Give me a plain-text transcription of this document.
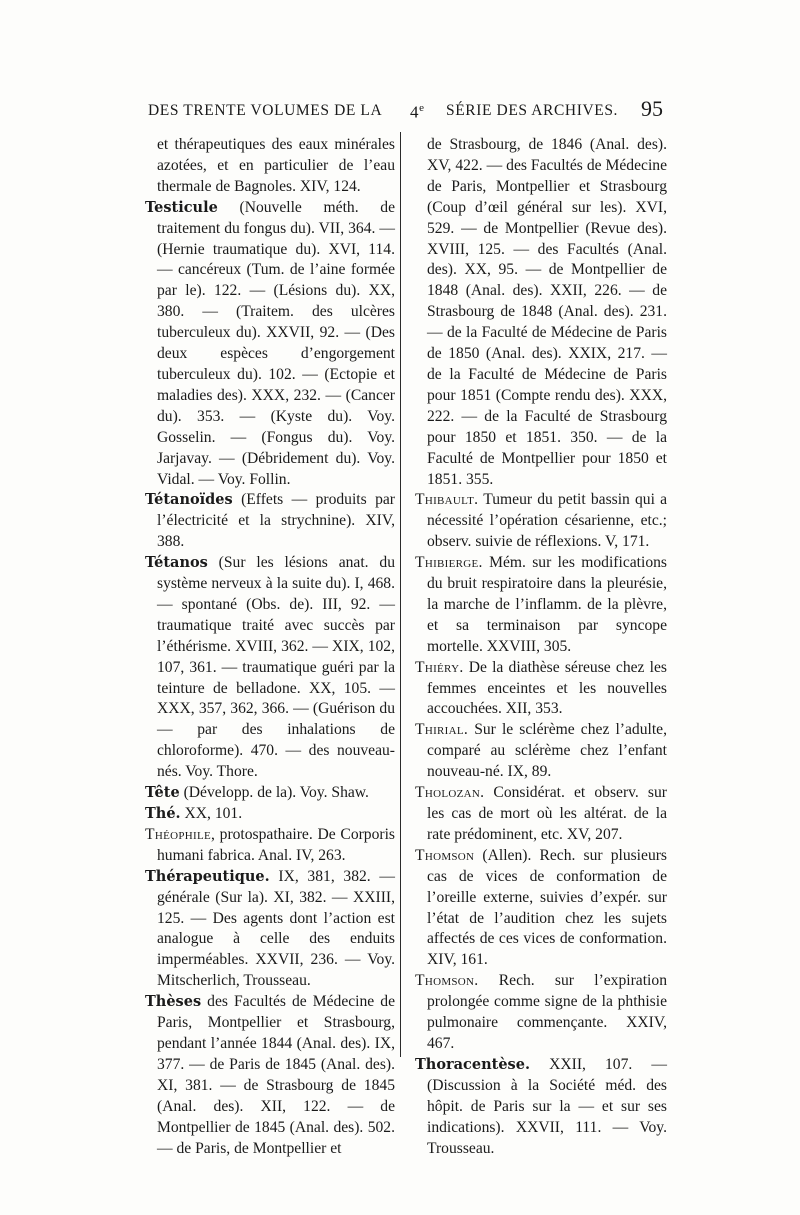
DES TRENTE VOLUMES DE LA 4e SÉRIE DES ARCHIVES. 95

et thérapeutiques des eaux minérales azotées, et en particulier de l’eau thermale de Bagnoles. XIV, 124.

Testicule (Nouvelle méth. de traitement du fongus du). VII, 364. — (Hernie traumatique du). XVI, 114. — cancéreux (Tum. de l’aine formée par le). 122. — (Lésions du). XX, 380. — (Traitem. des ulcères tuberculeux du). XXVII, 92. — (Des deux espèces d’engorgement tuberculeux du). 102. — (Ectopie et maladies des). XXX, 232. — (Cancer du). 353. — (Kyste du). Voy. Gosselin. — (Fongus du). Voy. Jarjavay. — (Débridement du). Voy. Vidal. — Voy. Follin.

Tétanoïdes (Effets — produits par l’électricité et la strychnine). XIV, 388.

Tétanos (Sur les lésions anat. du système nerveux à la suite du). I, 468. — spontané (Obs. de). III, 92. — traumatique traité avec succès par l’éthérisme. XVIII, 362. — XIX, 102, 107, 361. — traumatique guéri par la teinture de belladone. XX, 105. — XXX, 357, 362, 366. — (Guérison du — par des inhalations de chloroforme). 470. — des nouveau-nés. Voy. Thore.

Tête (Développ. de la). Voy. Shaw.

Thé. XX, 101.

Théophile, protospathaire. De Corporis humani fabrica. Anal. IV, 263.

Thérapeutique. IX, 381, 382. — générale (Sur la). XI, 382. — XXIII, 125. — Des agents dont l’action est analogue à celle des enduits imperméables. XXVII, 236. — Voy. Mitscherlich, Trousseau.

Thèses des Facultés de Médecine de Paris, Montpellier et Strasbourg, pendant l’année 1844 (Anal. des). IX, 377. — de Paris de 1845 (Anal. des). XI, 381. — de Strasbourg de 1845 (Anal. des). XII, 122. — de Montpellier de 1845 (Anal. des). 502. — de Paris, de Montpellier et

de Strasbourg, de 1846 (Anal. des). XV, 422. — des Facultés de Médecine de Paris, Montpellier et Strasbourg (Coup d’œil général sur les). XVI, 529. — de Montpellier (Revue des). XVIII, 125. — des Facultés (Anal. des). XX, 95. — de Montpellier de 1848 (Anal. des). XXII, 226. — de Strasbourg de 1848 (Anal. des). 231. — de la Faculté de Médecine de Paris de 1850 (Anal. des). XXIX, 217. — de la Faculté de Médecine de Paris pour 1851 (Compte rendu des). XXX, 222. — de la Faculté de Strasbourg pour 1850 et 1851. 350. — de la Faculté de Montpellier pour 1850 et 1851. 355.

Thibault. Tumeur du petit bassin qui a nécessité l’opération césarienne, etc.; observ. suivie de réflexions. V, 171.

Thibierge. Mém. sur les modifications du bruit respiratoire dans la pleurésie, la marche de l’inflamm. de la plèvre, et sa terminaison par syncope mortelle. XXVIII, 305.

Thiéry. De la diathèse séreuse chez les femmes enceintes et les nouvelles accouchées. XII, 353.

Thirial. Sur le sclérème chez l’adulte, comparé au sclérème chez l’enfant nouveau-né. IX, 89.

Tholozan. Considérat. et observ. sur les cas de mort où les altérat. de la rate prédominent, etc. XV, 207.

Thomson (Allen). Rech. sur plusieurs cas de vices de conformation de l’oreille externe, suivies d’expér. sur l’état de l’audition chez les sujets affectés de ces vices de conformation. XIV, 161.

Thomson. Rech. sur l’expiration prolongée comme signe de la phthisie pulmonaire commençante. XXIV, 467.

Thoracentèse. XXII, 107. — (Discussion à la Société méd. des hôpit. de Paris sur la — et sur ses indications). XXVII, 111. — Voy. Trousseau.
